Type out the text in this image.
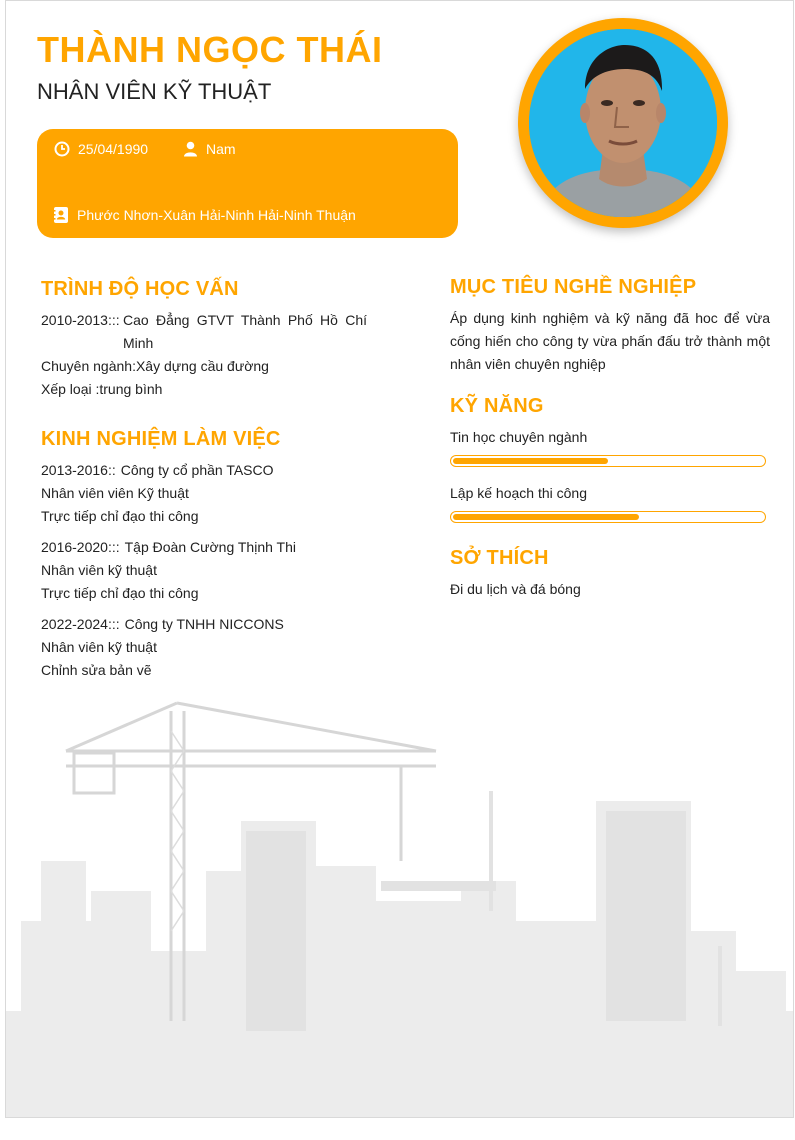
THÀNH NGỌC THÁI
NHÂN VIÊN KỸ THUẬT
25/04/1990	Nam
Phước Nhơn-Xuân Hải-Ninh Hải-Ninh Thuận
TRÌNH ĐỘ HỌC VẤN
2010-2013::: Cao Đẳng GTVT Thành Phố Hồ Chí Minh
Chuyên ngành:Xây dựng cầu đường
Xếp loại :trung bình
KINH NGHIỆM LÀM VIỆC
2013-2016:: Công ty cổ phần TASCO
Nhân viên viên Kỹ thuật
Trực tiếp chỉ đạo thi công
2016-2020::: Tập Đoàn Cường Thịnh Thi
Nhân viên kỹ thuật
Trực tiếp chỉ đạo thi công
2022-2024::: Công ty TNHH NICCONS
Nhân viên kỹ thuật
Chỉnh sửa bản vẽ
MỤC TIÊU NGHỀ NGHIỆP
Áp dụng kinh nghiệm và kỹ năng đã hoc để vừa cống hiến cho công ty vừa phấn đấu trở thành một nhân viên chuyên nghiệp
KỸ NĂNG
Tin học chuyên ngành
Lập kế hoạch thi công
SỞ THÍCH
Đi du lịch và đá bóng
